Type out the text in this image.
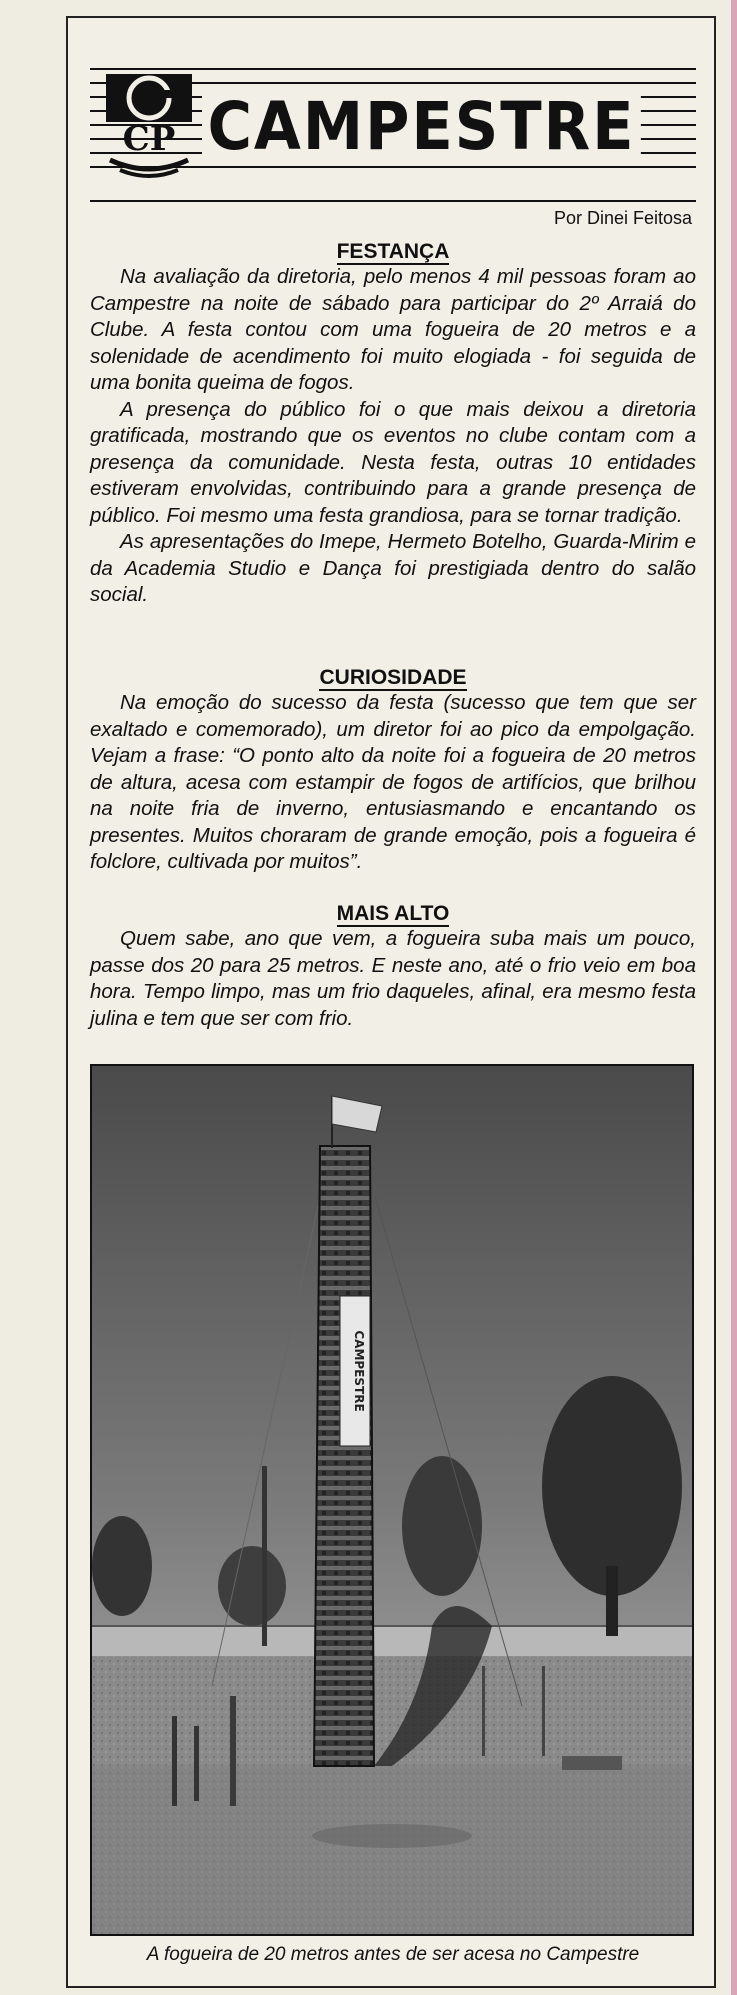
CP CAMPESTRE
Por Dinei Feitosa

FESTANÇA

Na avaliação da diretoria, pelo menos 4 mil pessoas foram ao Campestre na noite de sábado para participar do 2º Arraiá do Clube. A festa contou com uma fogueira de 20 metros e a solenidade de acendimento foi muito elogiada - foi seguida de uma bonita queima de fogos.

A presença do público foi o que mais deixou a diretoria gratificada, mostrando que os eventos no clube contam com a presença da comunidade. Nesta festa, outras 10 entidades estiveram envolvidas, contribuindo para a grande presença de público. Foi mesmo uma festa grandiosa, para se tornar tradição.

As apresentações do Imepe, Hermeto Botelho, Guarda-Mirim e da Academia Studio e Dança foi prestigiada dentro do salão social.

CURIOSIDADE

Na emoção do sucesso da festa (sucesso que tem que ser exaltado e comemorado), um diretor foi ao pico da empolgação. Vejam a frase: “O ponto alto da noite foi a fogueira de 20 metros de altura, acesa com estampir de fogos de artifícios, que brilhou na noite fria de inverno, entusiasmando e encantando os presentes. Muitos choraram de grande emoção, pois a fogueira é folclore, cultivada por muitos”.

MAIS ALTO

Quem sabe, ano que vem, a fogueira suba mais um pouco, passe dos 20 para 25 metros. E neste ano, até o frio veio em boa hora. Tempo limpo, mas um frio daqueles, afinal, era mesmo festa julina e tem que ser com frio.

CAMPESTRE
A fogueira de 20 metros antes de ser acesa no Campestre
